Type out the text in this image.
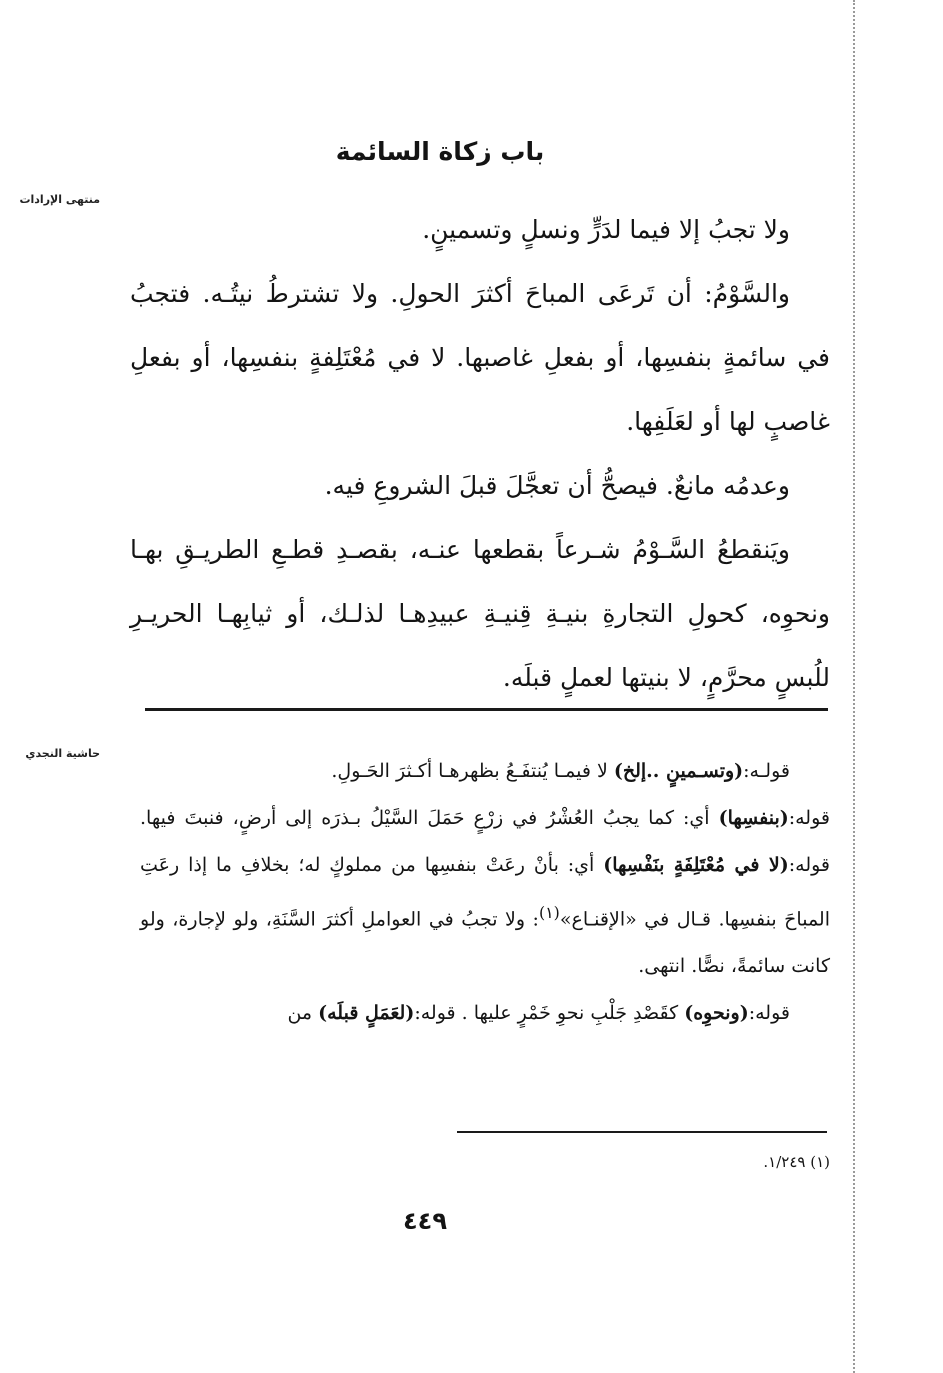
منتهى الإرادات
حاشية النجدي
باب زكاة السائمة

ولا تجبُ إلا فيما لدَرٍّ ونسلٍ وتسمينٍ.

والسَّوْمُ: أن تَرعَى المباحَ أكثرَ الحولِ. ولا تشترطُ نيتُـه. فتجبُ في سائمةٍ بنفسِها، أو بفعلِ غاصبها. لا في مُعْتَلِفةٍ بنفسِها، أو بفعلِ غاصبٍ لها أو لعَلَفِها.

وعدمُه مانعٌ. فيصحُّ أن تعجَّلَ قبلَ الشروعِ فيه.

ويَنقطعُ السَّـوْمُ شـرعاً بقطعها عنـه، بقصـدِ قطـعِ الطريـقِ بهـا ونحوِه، كحولِ التجارةِ بنيـةِ قِنيـةِ عبيدِهـا لذلـك، أو ثيابِهـا الحريـرِ للُبسٍ محرَّمٍ، لا بنيتها لعملٍ قبلَه.

قولـه:(وتسـمينٍ ..إلخ) لا فيمـا يُنتفَـعُ بظهرهـا أكـثرَ الحَـولِ.

قوله:(بنفسِها) أي: كما يجبُ العُشْرُ في زرْعٍ حَمَلَ السَّيْلُ بـذرَه إلى أرضٍ، فنبتَ فيها. قوله:(لا في مُعْتَلِفَةٍ بنَفْسِها) أي: بأنْ رعَتْ بنفسِها من مملوكٍ له؛ بخلافِ ما إذا رعَتِ المباحَ بنفسِها. قـال في «الإقنـاع»$^{(١)}$: ولا تجبُ في العواملِ أكثرَ السَّنَةِ، ولو لإجارة، ولو كانت سائمةً، نصًّا. انتهى.

قوله:(ونحوِه) كقَصْدِ جَلْبِ نحوِ خَمْرٍ عليها . قوله:(لعَمَلٍ قبلَه) من

(١) ١/٢٤٩.
٤٤٩
